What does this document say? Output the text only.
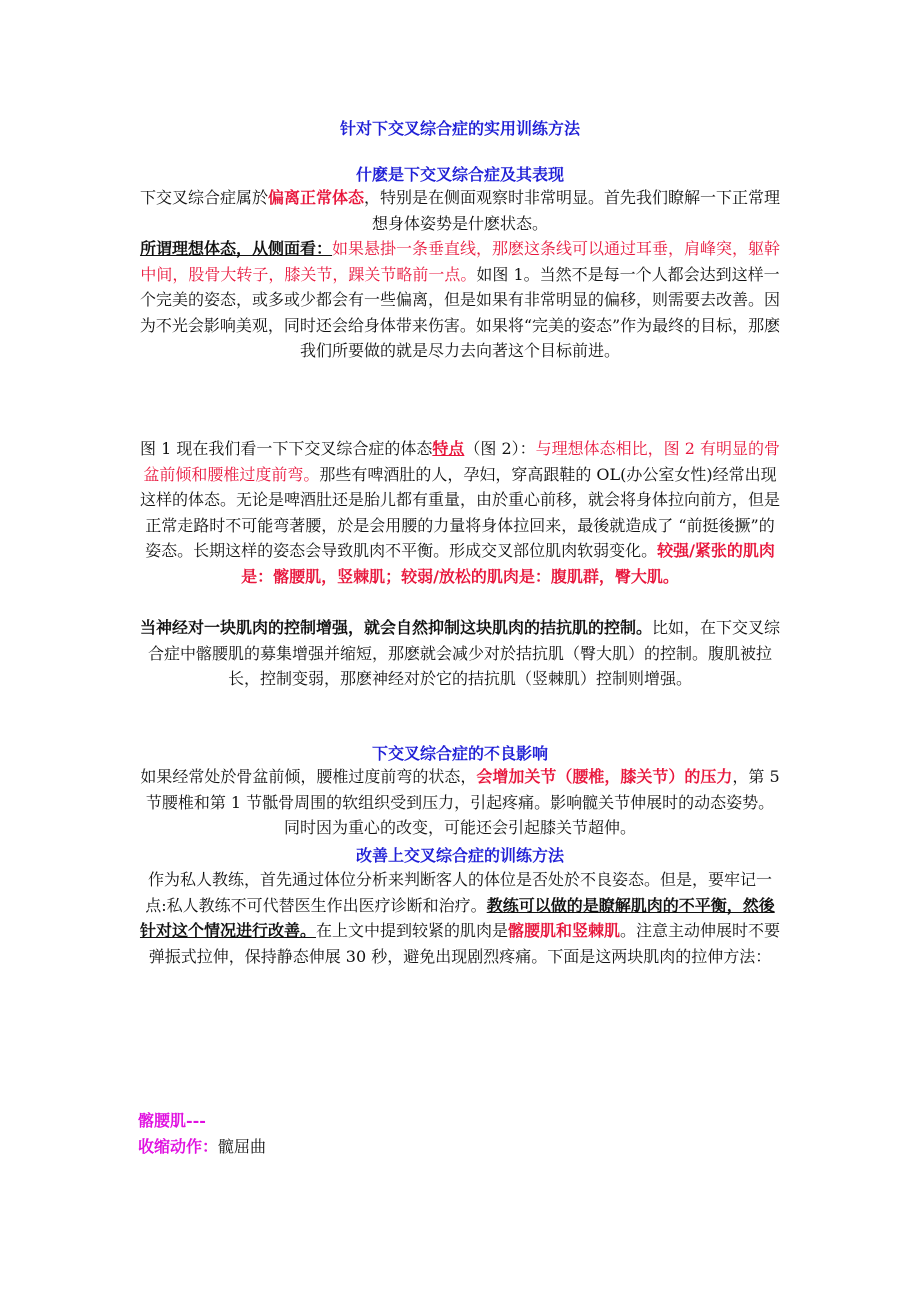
针对下交叉综合症的实用训练方法
什麽是下交叉综合症及其表现

下交叉综合症属於偏离正常体态，特别是在侧面观察时非常明显。首先我们瞭解一下正常理想身体姿势是什麽状态。

所谓理想体态，从侧面看：如果悬掛一条垂直线，那麽这条线可以通过耳垂，肩峰突，躯幹中间，股骨大转子，膝关节，踝关节略前一点。如图 1。当然不是每一个人都会达到这样一个完美的姿态，或多或少都会有一些偏离，但是如果有非常明显的偏移，则需要去改善。因为不光会影响美观，同时还会给身体带来伤害。如果将“完美的姿态”作为最终的目标，那麽我们所要做的就是尽力去向著这个目标前进。

图 1 现在我们看一下下交叉综合症的体态特点（图 2）：与理想体态相比，图 2 有明显的骨盆前倾和腰椎过度前弯。那些有啤酒肚的人，孕妇，穿高跟鞋的 OL(办公室女性)经常出现这样的体态。无论是啤酒肚还是胎儿都有重量，由於重心前移，就会将身体拉向前方，但是正常走路时不可能弯著腰，於是会用腰的力量将身体拉回来，最後就造成了 “前挺後撅”的姿态。长期这样的姿态会导致肌肉不平衡。形成交叉部位肌肉软弱变化。较强/紧张的肌肉是：髂腰肌，竖棘肌；较弱/放松的肌肉是：腹肌群，臀大肌。

当神经对一块肌肉的控制增强，就会自然抑制这块肌肉的拮抗肌的控制。比如，在下交叉综合症中髂腰肌的募集增强并缩短，那麽就会减少对於拮抗肌（臀大肌）的控制。腹肌被拉长，控制变弱，那麽神经对於它的拮抗肌（竖棘肌）控制则增强。

下交叉综合症的不良影响

如果经常处於骨盆前倾，腰椎过度前弯的状态，会增加关节（腰椎，膝关节）的压力，第 5 节腰椎和第 1 节骶骨周围的软组织受到压力，引起疼痛。影响髋关节伸展时的动态姿势。同时因为重心的改变，可能还会引起膝关节超伸。

改善上交叉综合症的训练方法

作为私人教练，首先通过体位分析来判断客人的体位是否处於不良姿态。但是，要牢记一点:私人教练不可代替医生作出医疗诊断和治疗。教练可以做的是瞭解肌肉的不平衡，然後针对这个情况进行改善。在上文中提到较紧的肌肉是髂腰肌和竖棘肌。注意主动伸展时不要弹振式拉伸，保持静态伸展 30 秒，避免出现剧烈疼痛。下面是这两块肌肉的拉伸方法：

髂腰肌---

收缩动作：髋屈曲
